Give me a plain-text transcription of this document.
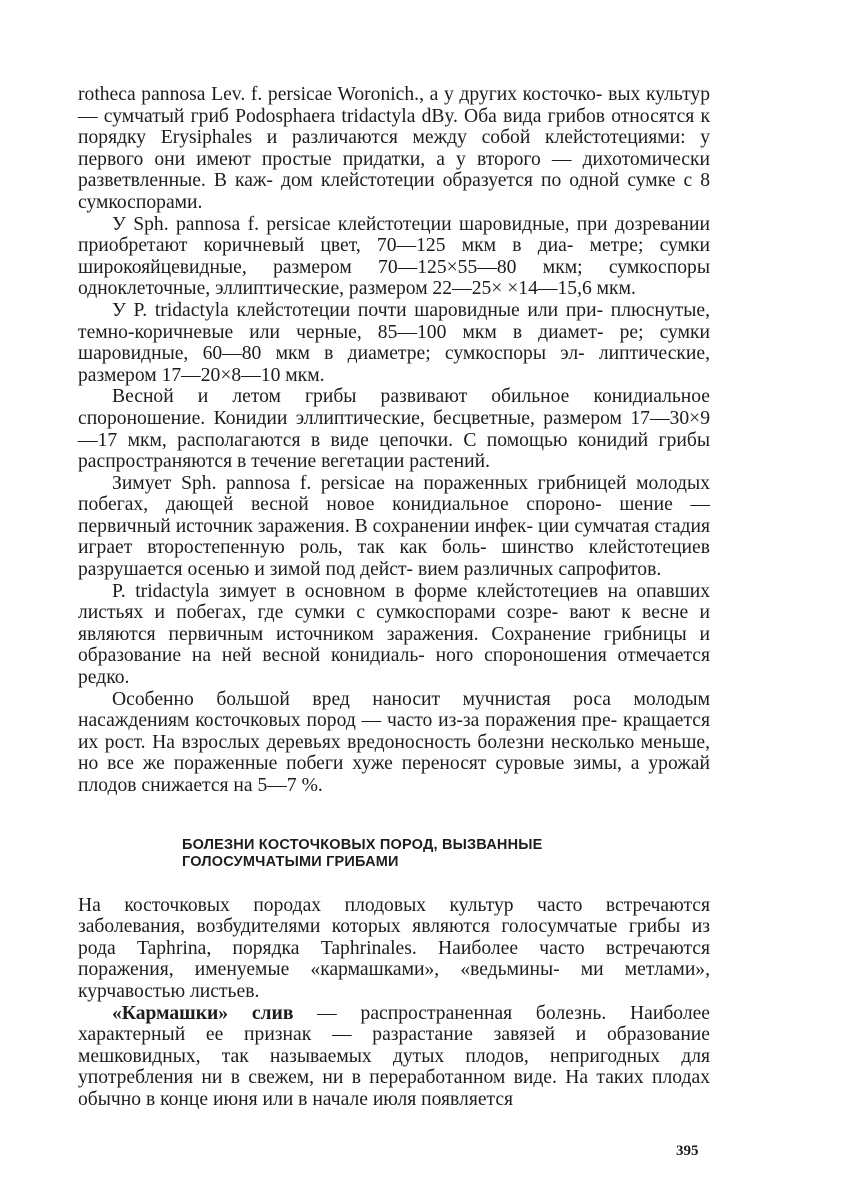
rotheca pannosa Lev. f. persicae Woronich., а у других косточко- вых культур — сумчатый гриб Podosphaera tridactyla dBy. Оба вида грибов относятся к порядку Erysiphales и различаются между собой клейстотециями: у первого они имеют простые придатки, а у второго — дихотомически разветвленные. В каж- дом клейстотеции образуется по одной сумке с 8 сумкоспорами.

У Sph. pannosa f. persicae клейстотеции шаровидные, при дозревании приобретают коричневый цвет, 70—125 мкм в диа- метре; сумки широкояйцевидные, размером 70—125×55—80 мкм; сумкоспоры одноклеточные, эллиптические, размером 22—25× ×14—15,6 мкм.

У P. tridactyla клейстотеции почти шаровидные или при- плюснутые, темно-коричневые или черные, 85—100 мкм в диамет- ре; сумки шаровидные, 60—80 мкм в диаметре; сумкоспоры эл- липтические, размером 17—20×8—10 мкм.

Весной и летом грибы развивают обильное конидиальное спороношение. Конидии эллиптические, бесцветные, размером 17—30×9—17 мкм, располагаются в виде цепочки. С помощью конидий грибы распространяются в течение вегетации растений.

Зимует Sph. pannosa f. persicae на пораженных грибницей молодых побегах, дающей весной новое конидиальное спороно- шение — первичный источник заражения. В сохранении инфек- ции сумчатая стадия играет второстепенную роль, так как боль- шинство клейстотециев разрушается осенью и зимой под дейст- вием различных сапрофитов.

P. tridactyla зимует в основном в форме клейстотециев на опавших листьях и побегах, где сумки с сумкоспорами созре- вают к весне и являются первичным источником заражения. Сохранение грибницы и образование на ней весной конидиаль- ного спороношения отмечается редко.

Особенно большой вред наносит мучнистая роса молодым насаждениям косточковых пород — часто из-за поражения пре- кращается их рост. На взрослых деревьях вредоносность болезни несколько меньше, но все же пораженные побеги хуже переносят суровые зимы, а урожай плодов снижается на 5—7 %.

БОЛЕЗНИ КОСТОЧКОВЫХ ПОРОД, ВЫЗВАННЫЕ
ГОЛОСУМЧАТЫМИ ГРИБАМИ

На косточковых породах плодовых культур часто встречаются заболевания, возбудителями которых являются голосумчатые грибы из рода Taphrina, порядка Taphrinales. Наиболее часто встречаются поражения, именуемые «кармашками», «ведьмины- ми метлами», курчавостью листьев.

«Кармашки» слив — распространенная болезнь. Наиболее характерный ее признак — разрастание завязей и образование мешковидных, так называемых дутых плодов, непригодных для употребления ни в свежем, ни в переработанном виде. На таких плодах обычно в конце июня или в начале июля появляется

395
